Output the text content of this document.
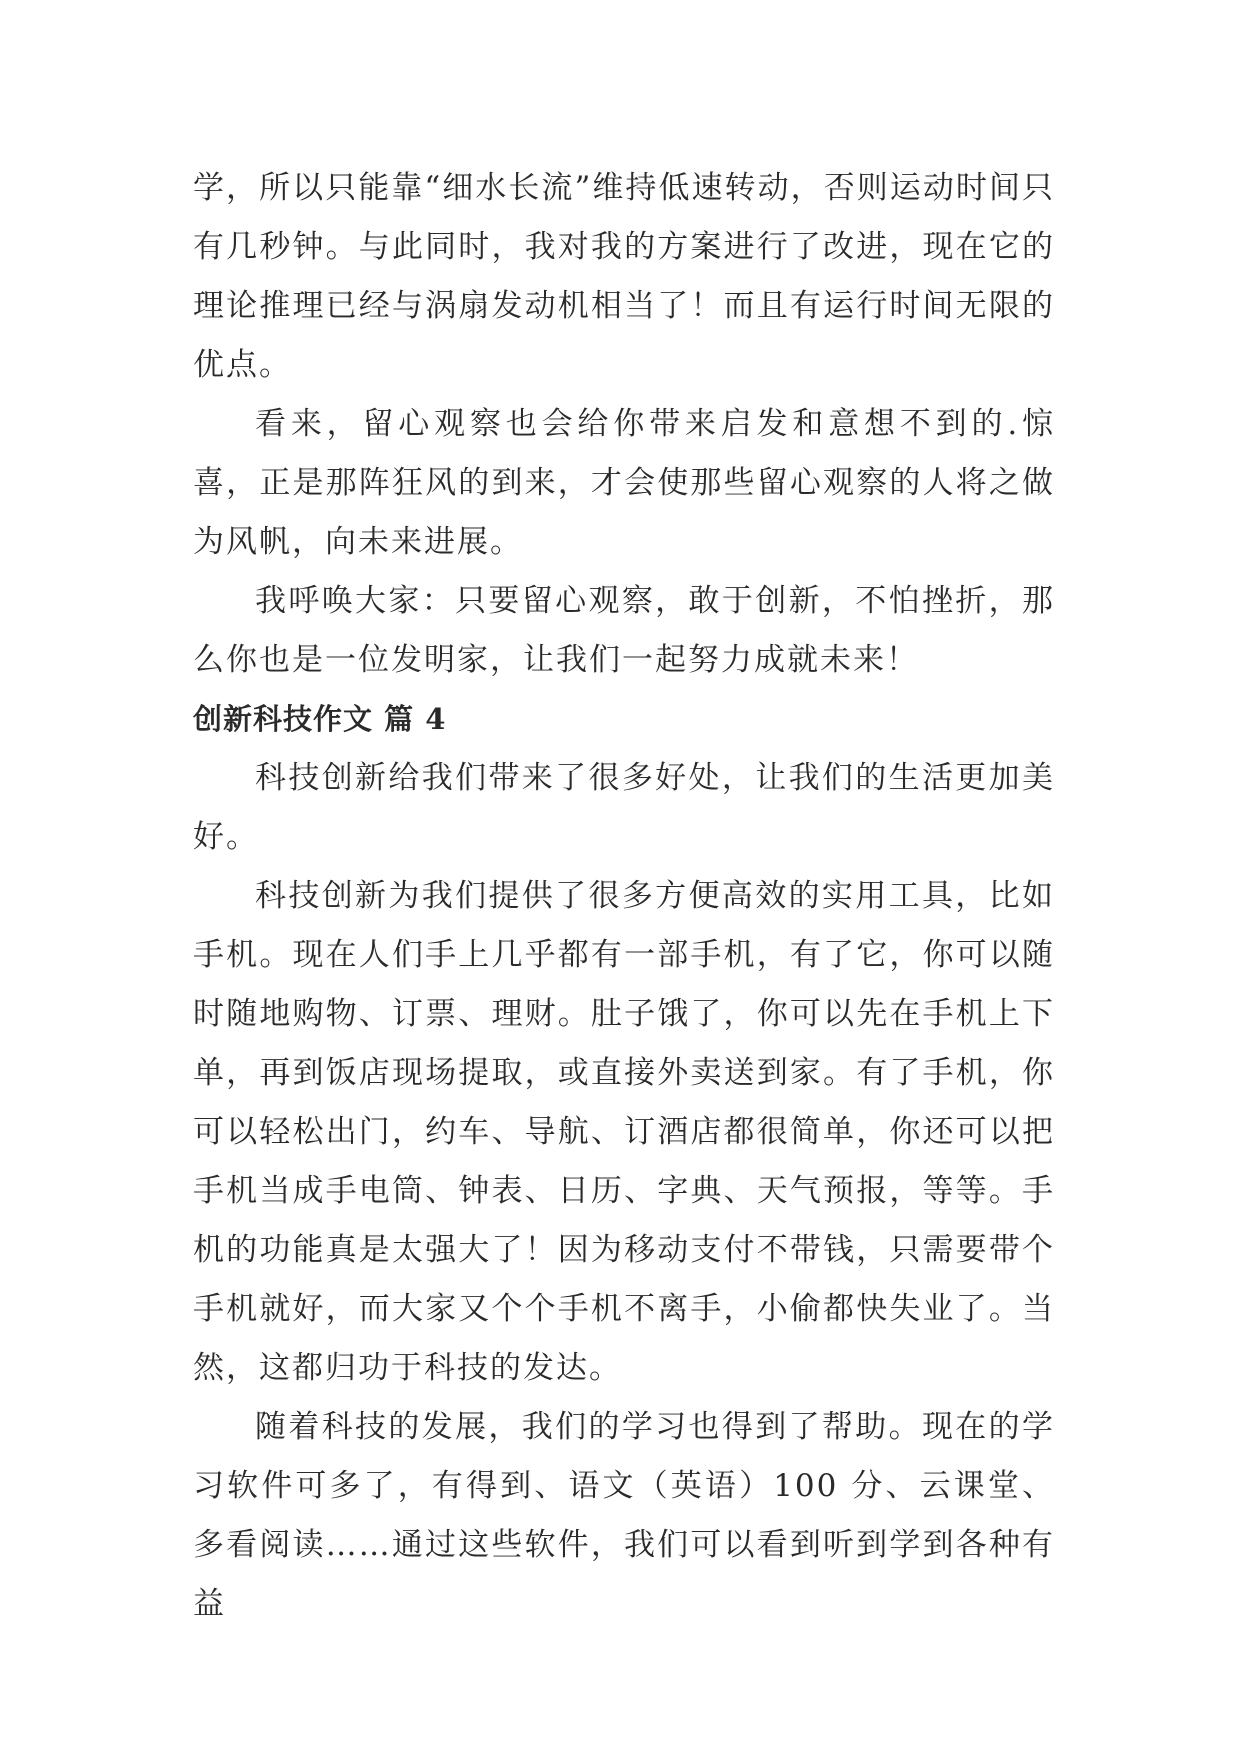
学，所以只能靠“细水长流”维持低速转动，否则运动时间只有几秒钟。与此同时，我对我的方案进行了改进，现在它的理论推理已经与涡扇发动机相当了！而且有运行时间无限的优点。

看来，留心观察也会给你带来启发和意想不到的.惊喜，正是那阵狂风的到来，才会使那些留心观察的人将之做为风帆，向未来进展。

我呼唤大家：只要留心观察，敢于创新，不怕挫折，那么你也是一位发明家，让我们一起努力成就未来！

创新科技作文 篇 4

科技创新给我们带来了很多好处，让我们的生活更加美好。

科技创新为我们提供了很多方便高效的实用工具，比如手机。现在人们手上几乎都有一部手机，有了它，你可以随时随地购物、订票、理财。肚子饿了，你可以先在手机上下单，再到饭店现场提取，或直接外卖送到家。有了手机，你可以轻松出门，约车、导航、订酒店都很简单，你还可以把手机当成手电筒、钟表、日历、字典、天气预报，等等。手机的功能真是太强大了！因为移动支付不带钱，只需要带个手机就好，而大家又个个手机不离手，小偷都快失业了。当然，这都归功于科技的发达。

随着科技的发展，我们的学习也得到了帮助。现在的学习软件可多了，有得到、语文（英语）100 分、云课堂、多看阅读……通过这些软件，我们可以看到听到学到各种有益
